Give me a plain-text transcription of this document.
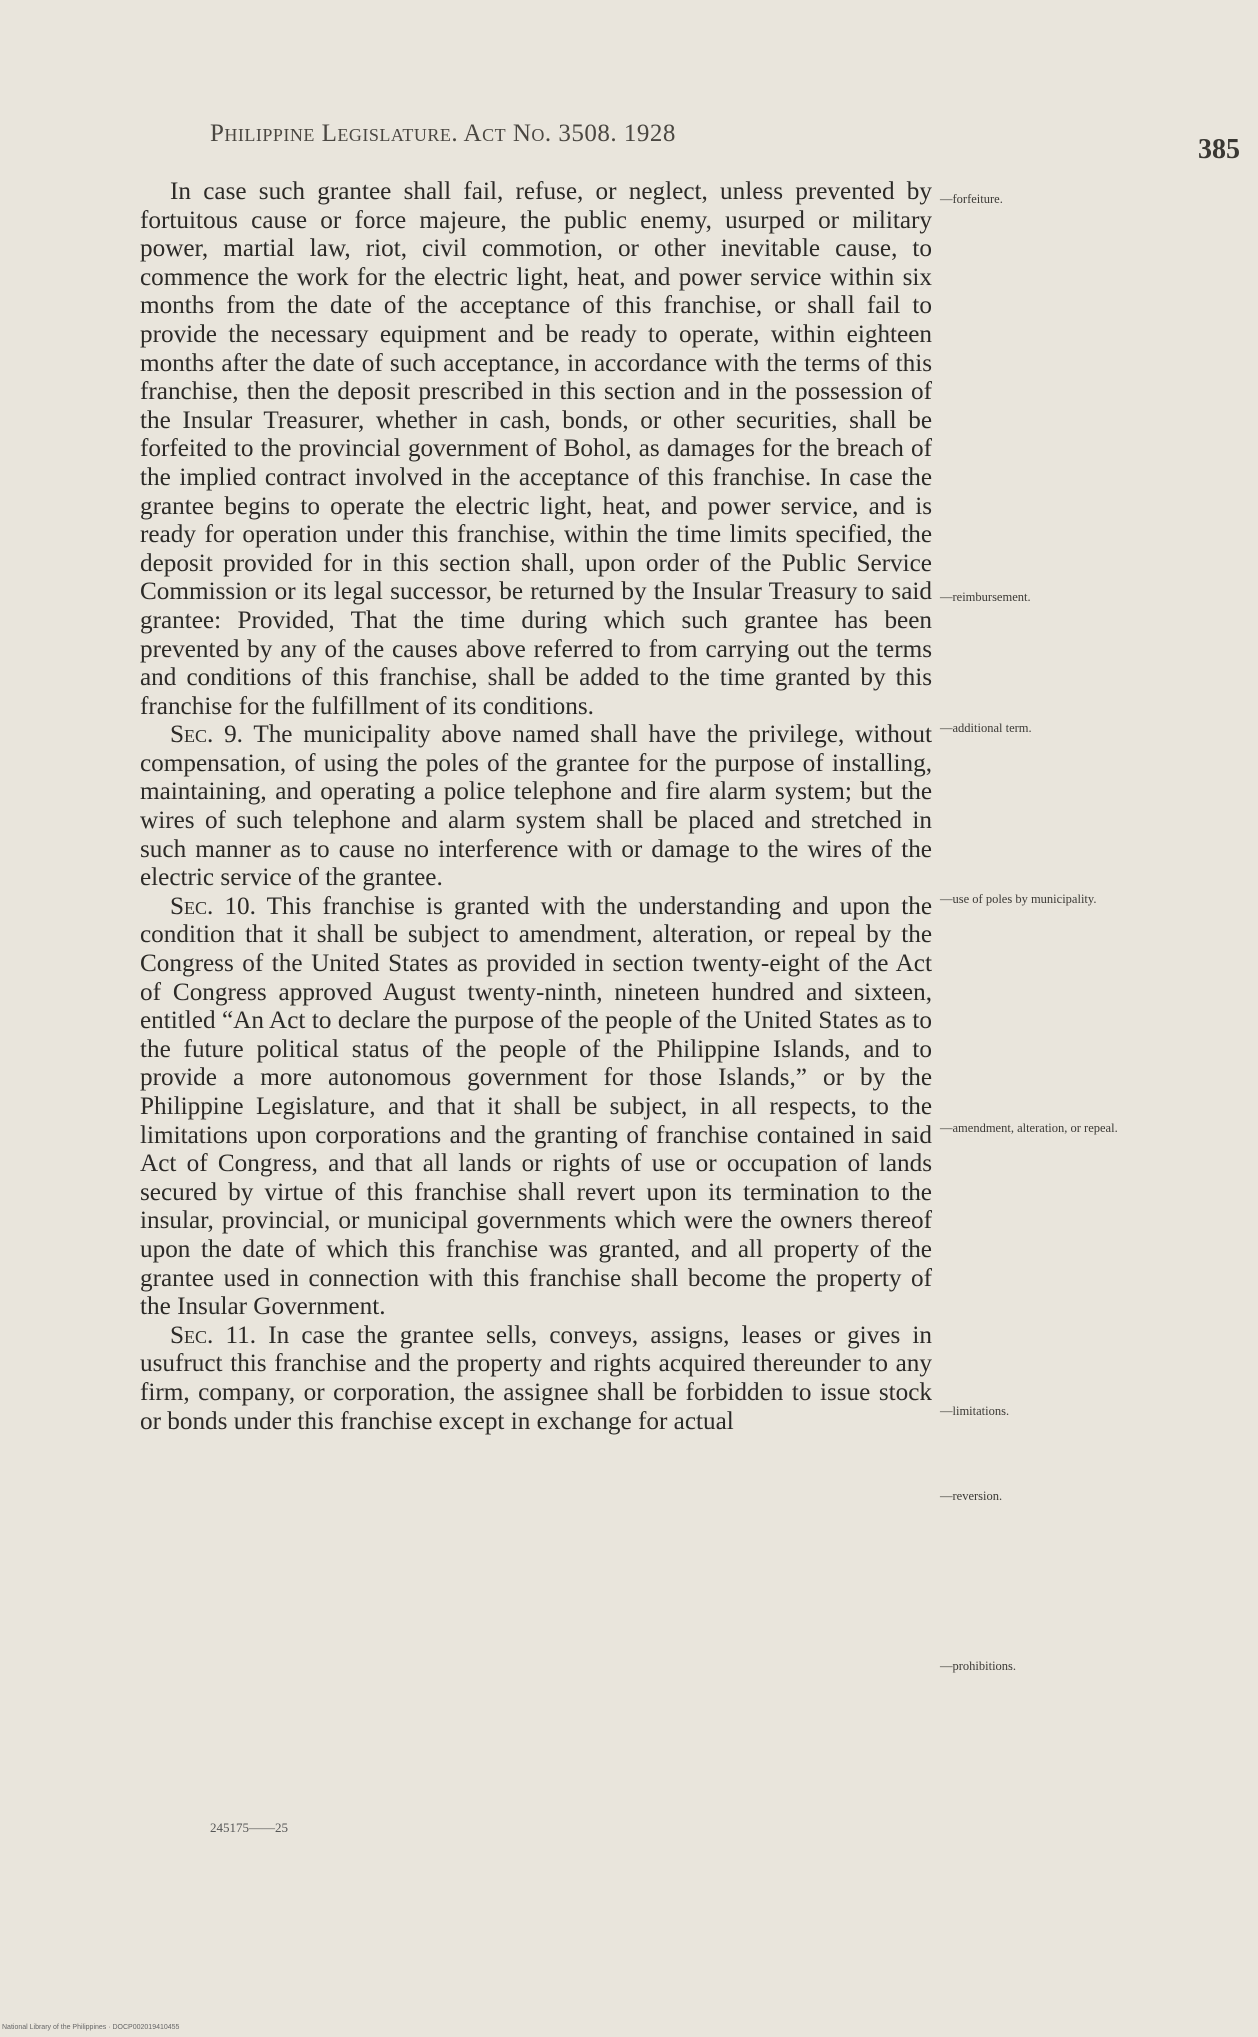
Philippine Legislature. Act No. 3508. 1928
385

In case such grantee shall fail, refuse, or neglect, unless prevented by fortuitous cause or force majeure, the public enemy, usurped or military power, martial law, riot, civil commotion, or other inevitable cause, to commence the work for the electric light, heat, and power service within six months from the date of the acceptance of this franchise, or shall fail to provide the necessary equipment and be ready to operate, within eighteen months after the date of such acceptance, in accordance with the terms of this franchise, then the deposit prescribed in this section and in the possession of the Insular Treasurer, whether in cash, bonds, or other securities, shall be forfeited to the provincial government of Bohol, as damages for the breach of the implied contract involved in the acceptance of this franchise. In case the grantee begins to operate the electric light, heat, and power service, and is ready for operation under this franchise, within the time limits specified, the deposit provided for in this section shall, upon order of the Public Service Commission or its legal successor, be returned by the Insular Treasury to said grantee: Provided, That the time during which such grantee has been prevented by any of the causes above referred to from carrying out the terms and conditions of this franchise, shall be added to the time granted by this franchise for the fulfillment of its conditions.

Sec. 9. The municipality above named shall have the privilege, without compensation, of using the poles of the grantee for the purpose of installing, maintaining, and operating a police telephone and fire alarm system; but the wires of such telephone and alarm system shall be placed and stretched in such manner as to cause no interference with or damage to the wires of the electric service of the grantee.

Sec. 10. This franchise is granted with the understanding and upon the condition that it shall be subject to amendment, alteration, or repeal by the Congress of the United States as provided in section twenty-eight of the Act of Congress approved August twenty-ninth, nineteen hundred and sixteen, entitled “An Act to declare the purpose of the people of the United States as to the future political status of the people of the Philippine Islands, and to provide a more autonomous government for those Islands,” or by the Philippine Legislature, and that it shall be subject, in all respects, to the limitations upon corporations and the granting of franchise contained in said Act of Congress, and that all lands or rights of use or occupation of lands secured by virtue of this franchise shall revert upon its termination to the insular, provincial, or municipal governments which were the owners thereof upon the date of which this franchise was granted, and all property of the grantee used in connection with this franchise shall become the property of the Insular Government.

Sec. 11. In case the grantee sells, conveys, assigns, leases or gives in usufruct this franchise and the property and rights acquired thereunder to any firm, company, or corporation, the assignee shall be forbidden to issue stock or bonds under this franchise except in exchange for actual

—forfeiture.
—reimbursement.
—additional term.
—use of poles by municipality.
—amendment, alteration, or repeal.
—limitations.
—reversion.
—prohibitions.
245175——25
National Library of the Philippines · DOCP002019410455
